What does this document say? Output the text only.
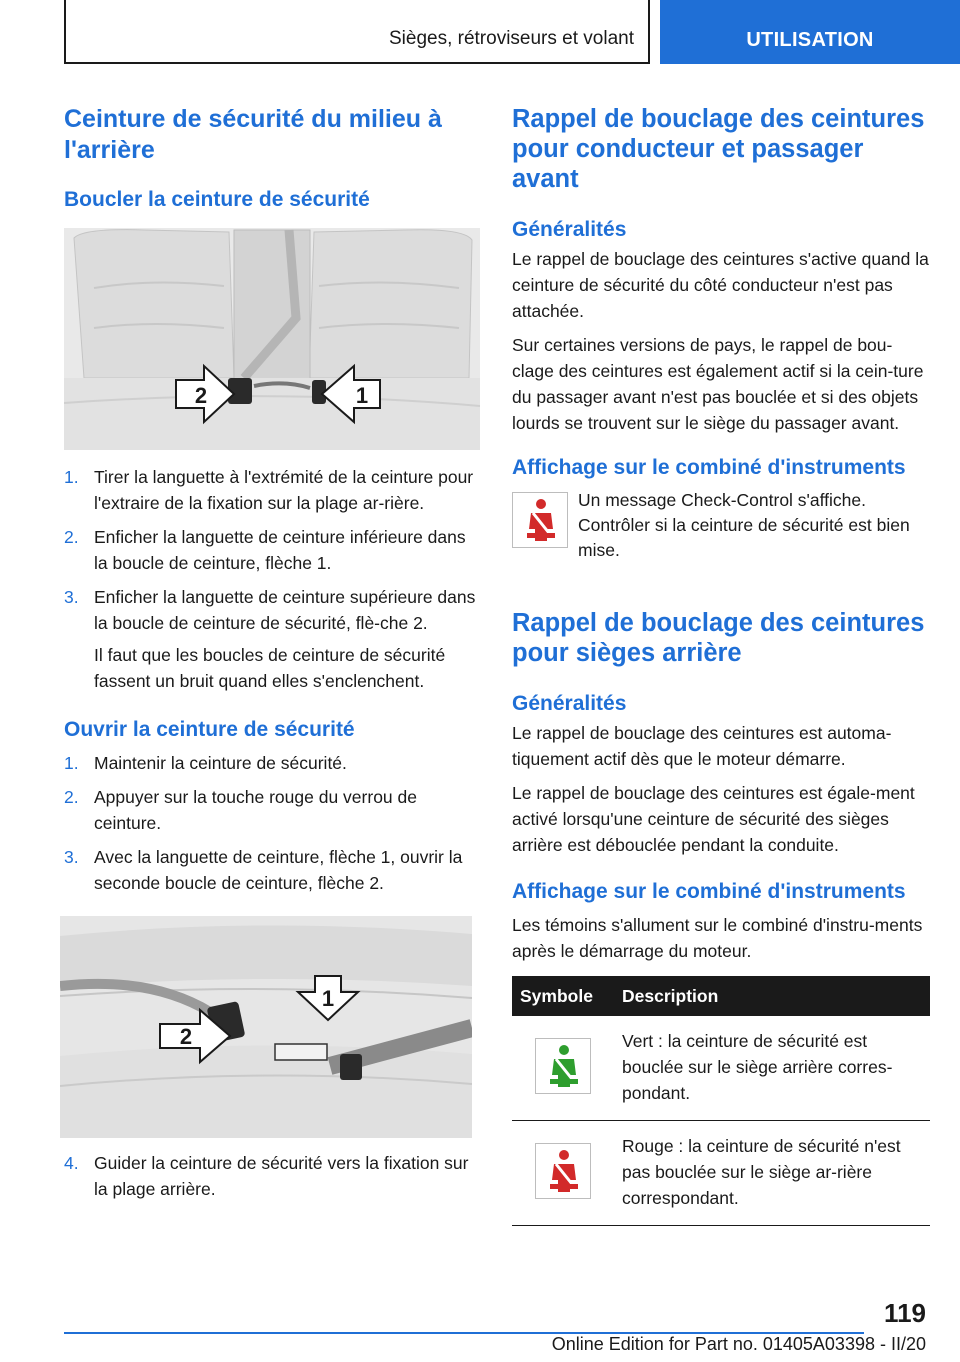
Sièges, rétroviseurs et volant	UTILISATION
Ceinture de sécurité du milieu à l'arrière
Boucler la ceinture de sécurité
2	1
1. Tirer la languette à l'extrémité de la ceinture pour l'extraire de la fixation sur la plage ar‐rière.
2. Enficher la languette de ceinture inférieure dans la boucle de ceinture, flèche 1.
3. Enficher la languette de ceinture supérieure dans la boucle de ceinture de sécurité, flè‐che 2.

Il faut que les boucles de ceinture de sécurité fassent un bruit quand elles s'enclenchent.

Ouvrir la ceinture de sécurité
1. Maintenir la ceinture de sécurité.
2. Appuyer sur la touche rouge du verrou de ceinture.
3. Avec la languette de ceinture, flèche 1, ouvrir la seconde boucle de ceinture, flèche 2.
1
2
4. Guider la ceinture de sécurité vers la fixation sur la plage arrière.
Rappel de bouclage des ceintures pour conducteur et passager avant
Généralités

Le rappel de bouclage des ceintures s'active quand la ceinture de sécurité du côté conducteur n'est pas attachée.

Sur certaines versions de pays, le rappel de bou‐clage des ceintures est également actif si la cein‐ture du passager avant n'est pas bouclée et si des objets lourds se trouvent sur le siège du passager avant.

Affichage sur le combiné d'instruments

Un message Check-Control s'affiche. Contrôler si la ceinture de sécurité est bien mise.

Rappel de bouclage des ceintures pour sièges arrière
Généralités

Le rappel de bouclage des ceintures est automa‐tiquement actif dès que le moteur démarre.

Le rappel de bouclage des ceintures est égale‐ment activé lorsqu'une ceinture de sécurité des sièges arrière est débouclée pendant la conduite.

Affichage sur le combiné d'instruments

Les témoins s'allument sur le combiné d'instru‐ments après le démarrage du moteur.

Symbole	Description
	Vert : la ceinture de sécurité est bouclée sur le siège arrière corres‐pondant.
	Rouge : la ceinture de sécurité n'est pas bouclée sur le siège ar‐rière correspondant.
119
Online Edition for Part no. 01405A03398 - II/20
